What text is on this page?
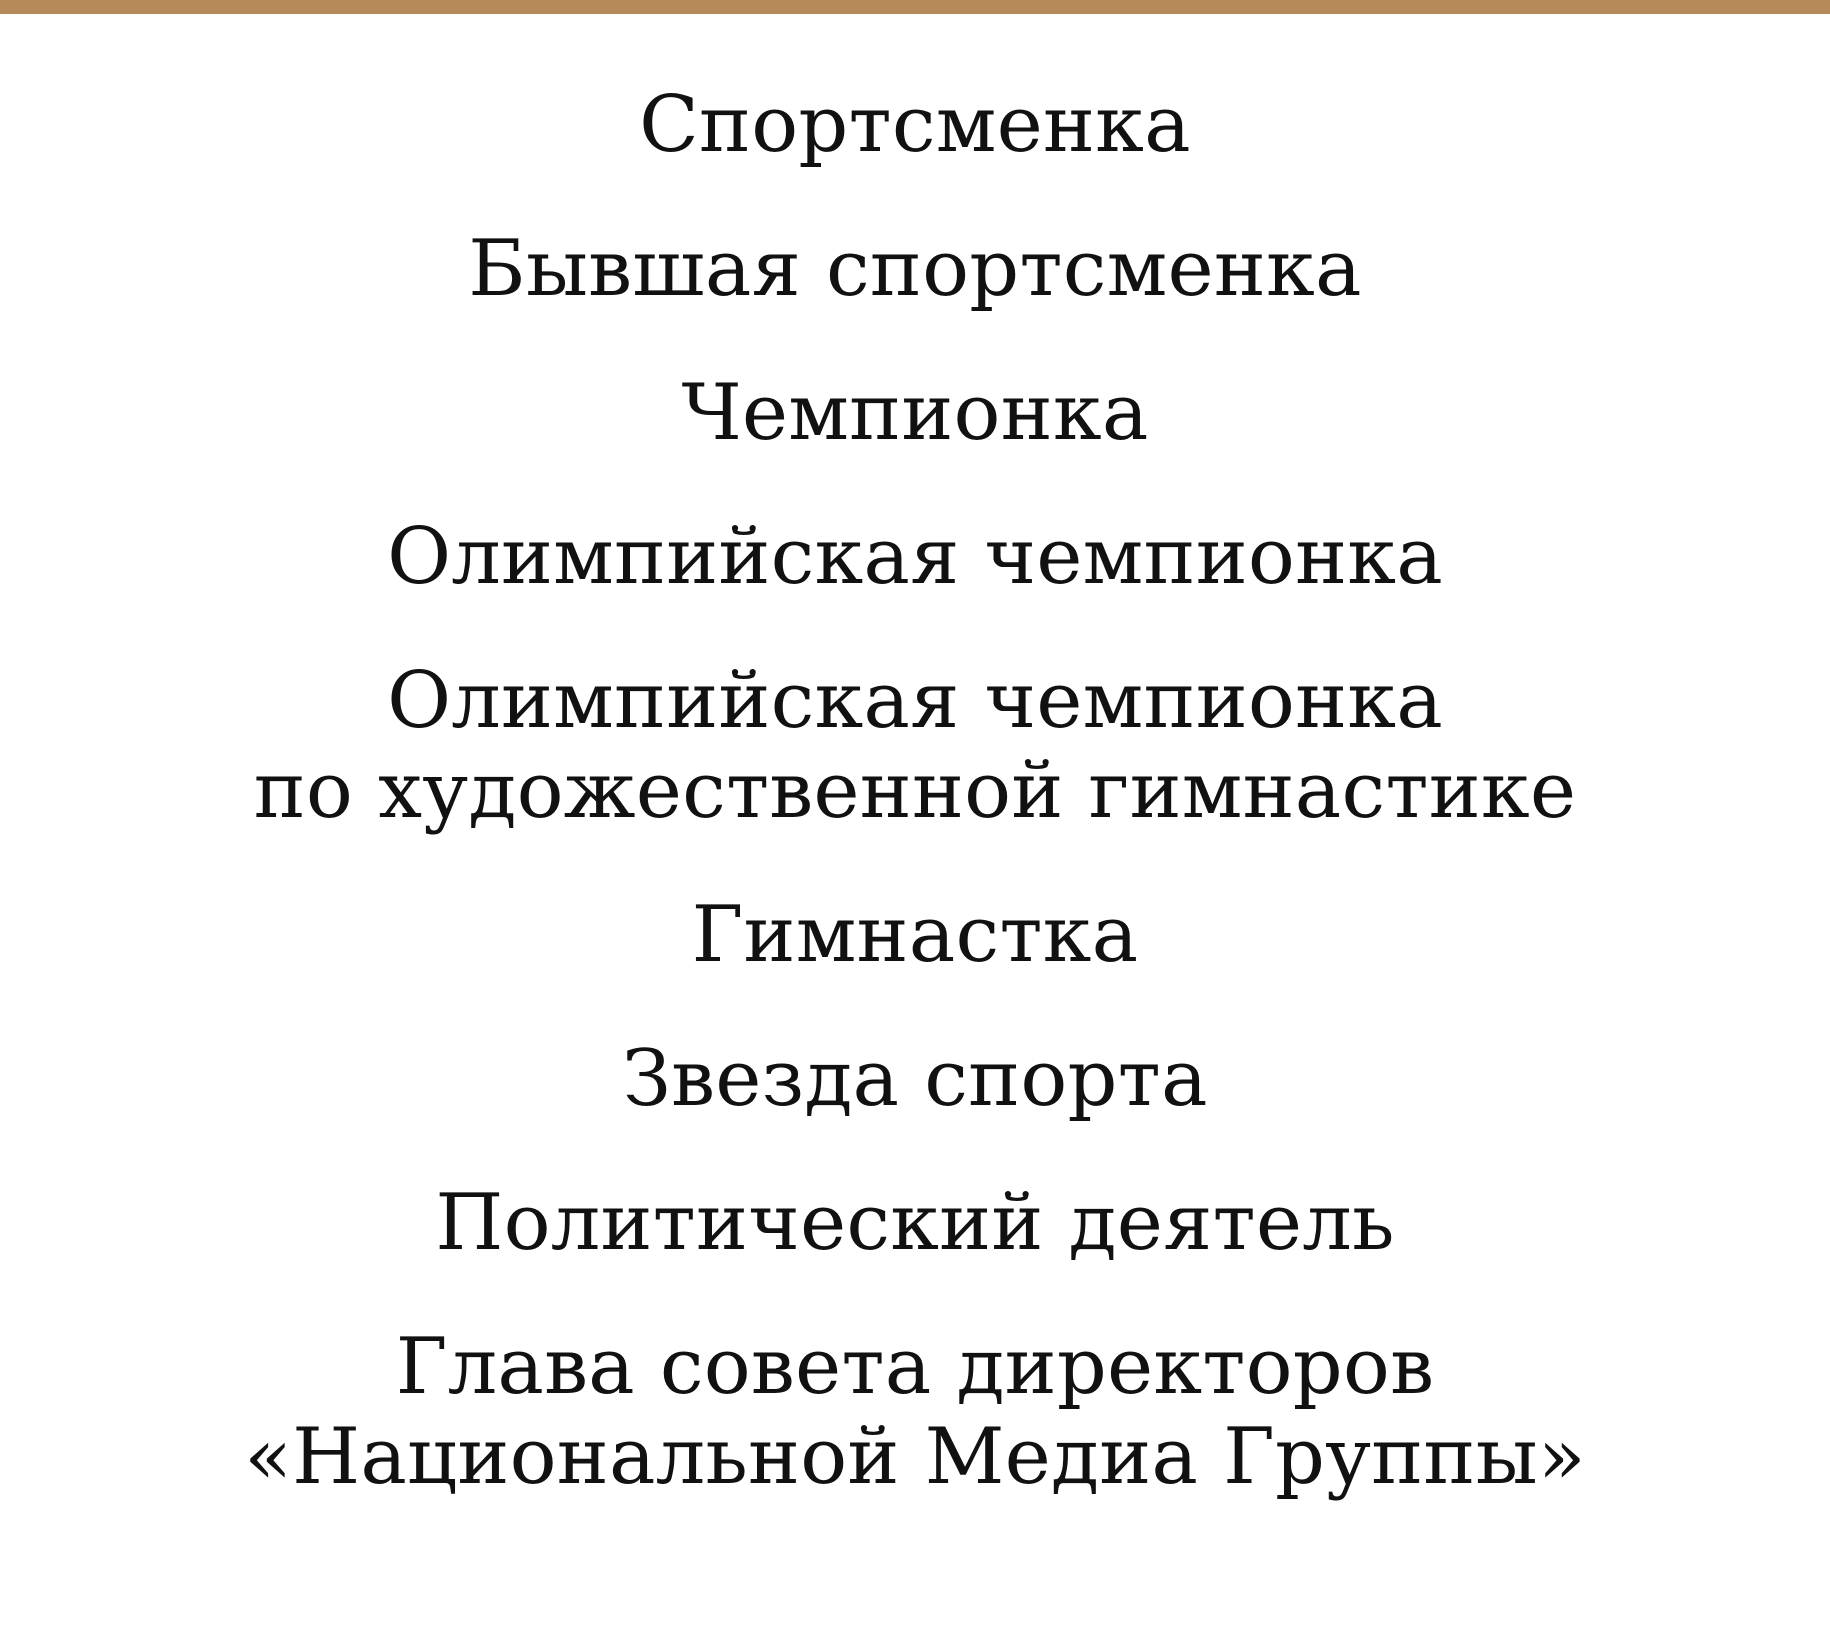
Спортсменка
Бывшая спортсменка
Чемпионка
Олимпийская чемпионка
Олимпийская чемпионка
по художественной гимнастике
Гимнастка
Звезда спорта
Политический деятель
Глава совета директоров
«Национальной Медиа Группы»
